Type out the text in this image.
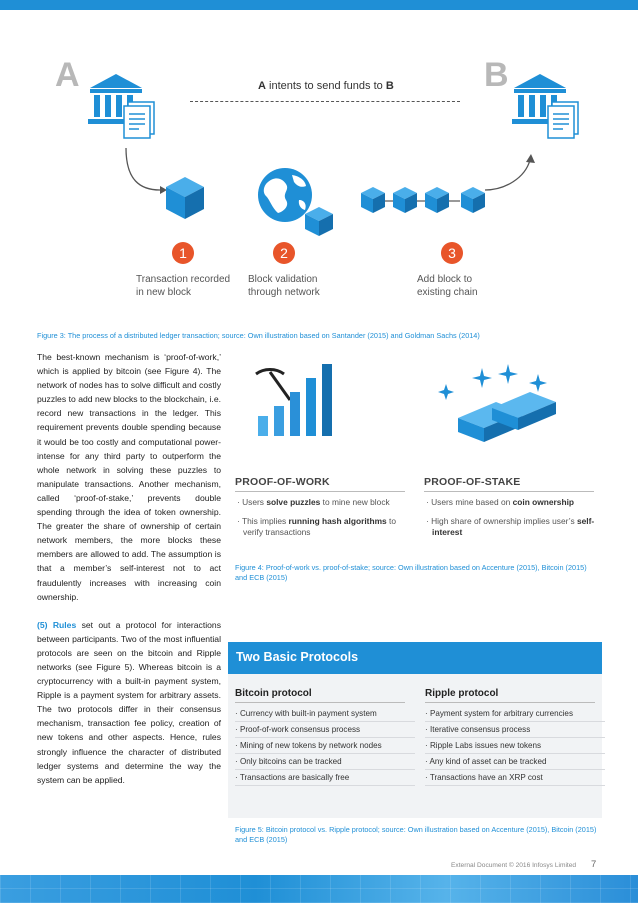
A	B
A intents to send funds to B
1	2	3
Transaction recorded
in new block
Block validation
through network
Add block to
existing chain
Figure 3: The process of a distributed ledger transaction; source: Own illustration based on Santander (2015) and Goldman Sachs (2014)

The best-known mechanism is ‘proof-of-work,’ which is applied by bitcoin (see Figure 4). The network of nodes has to solve difficult and costly puzzles to add new blocks to the blockchain, i.e. record new transactions in the ledger. This requirement prevents double spending because it would be too costly and computational power-intense for any third party to outperform the whole network in solving these puzzles to manipulate transactions. Another mechanism, called ‘proof-of-stake,’ prevents double spending through the idea of token ownership. The greater the share of ownership of certain network members, the more blocks these members are allowed to add. The assumption is that a member’s self-interest not to act fraudulently increases with increasing coin ownership.

(5) Rules set out a protocol for interactions between participants. Two of the most influential protocols are seen on the bitcoin and Ripple networks (see Figure 5). Whereas bitcoin is a cryptocurrency with a built-in payment system, Ripple is a payment system for arbitrary assets. The two protocols differ in their consensus mechanism, transaction fee policy, creation of new tokens and other aspects. Hence, rules strongly influence the character of distributed ledger systems and determine the way the system can be applied.

PROOF-OF-WORK	PROOF-OF-STAKE
· Users solve puzzles to mine new block
· This implies running hash algorithms to verify transactions
· Users mine based on coin ownership
· High share of ownership implies user’s self-interest
Figure 4: Proof-of-work vs. proof-of-stake; source: Own illustration based on Accenture (2015), Bitcoin (2015) and ECB (2015)
Two Basic Protocols
Bitcoin protocol	Ripple protocol
· Currency with built-in payment system
· Proof-of-work consensus process
· Mining of new tokens by network nodes
· Only bitcoins can be tracked
· Transactions are basically free
· Payment system for arbitrary currencies
· Iterative consensus process
· Ripple Labs issues new tokens
· Any kind of asset can be tracked
· Transactions have an XRP cost
Figure 5: Bitcoin protocol vs. Ripple protocol; source: Own illustration based on Accenture (2015), Bitcoin (2015) and ECB (2015)
External Document © 2016 Infosys Limited 7
